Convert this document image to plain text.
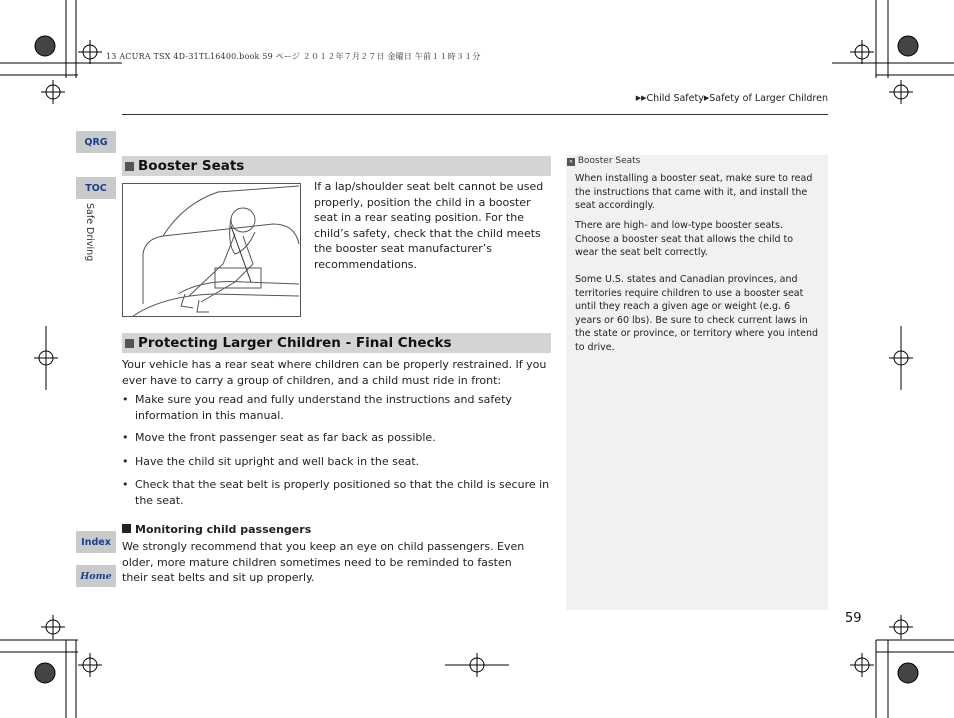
13 ACURA TSX 4D-31TL16400.book 59 ページ ２０１２年７月２７日 金曜日 午前１１時３１分
▶▶Child Safety▶Safety of Larger Children
QRG
TOC
Safe Driving
Index
Home
Booster Seats
If a lap/shoulder seat belt cannot be used properly, position the child in a booster seat in a rear seating position. For the child’s safety, check that the child meets the booster seat manufacturer’s recommendations.
Protecting Larger Children - Final Checks
Your vehicle has a rear seat where children can be properly restrained. If you ever have to carry a group of children, and a child must ride in front:
• Make sure you read and fully understand the instructions and safety information in this manual.
• Move the front passenger seat as far back as possible.
• Have the child sit upright and well back in the seat.
• Check that the seat belt is properly positioned so that the child is secure in the seat.
Monitoring child passengers
We strongly recommend that you keep an eye on child passengers. Even older, more mature children sometimes need to be reminded to fasten their seat belts and sit up properly.
» Booster Seats
When installing a booster seat, make sure to read the instructions that came with it, and install the seat accordingly.
There are high- and low-type booster seats. Choose a booster seat that allows the child to wear the seat belt correctly.
Some U.S. states and Canadian provinces, and territories require children to use a booster seat until they reach a given age or weight (e.g. 6 years or 60 lbs). Be sure to check current laws in the state or province, or territory where you intend to drive.
59
